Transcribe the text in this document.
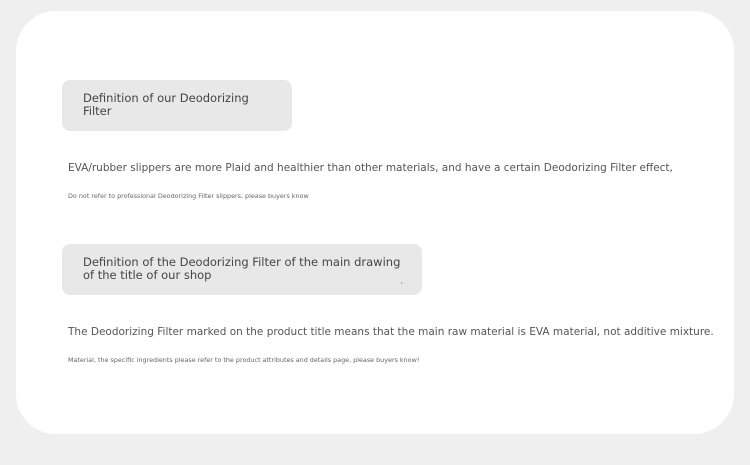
Definition of our Deodorizing Filter
EVA/rubber slippers are more Plaid and healthier than other materials, and have a certain Deodorizing Filter effect,
Do not refer to professional Deodorizing Filter slippers, please buyers know
Definition of the Deodorizing Filter of the main drawing of the title of our shop	,
The Deodorizing Filter marked on the product title means that the main raw material is EVA material, not additive mixture.
Material, the specific ingredients please refer to the product attributes and details page, please buyers know!
